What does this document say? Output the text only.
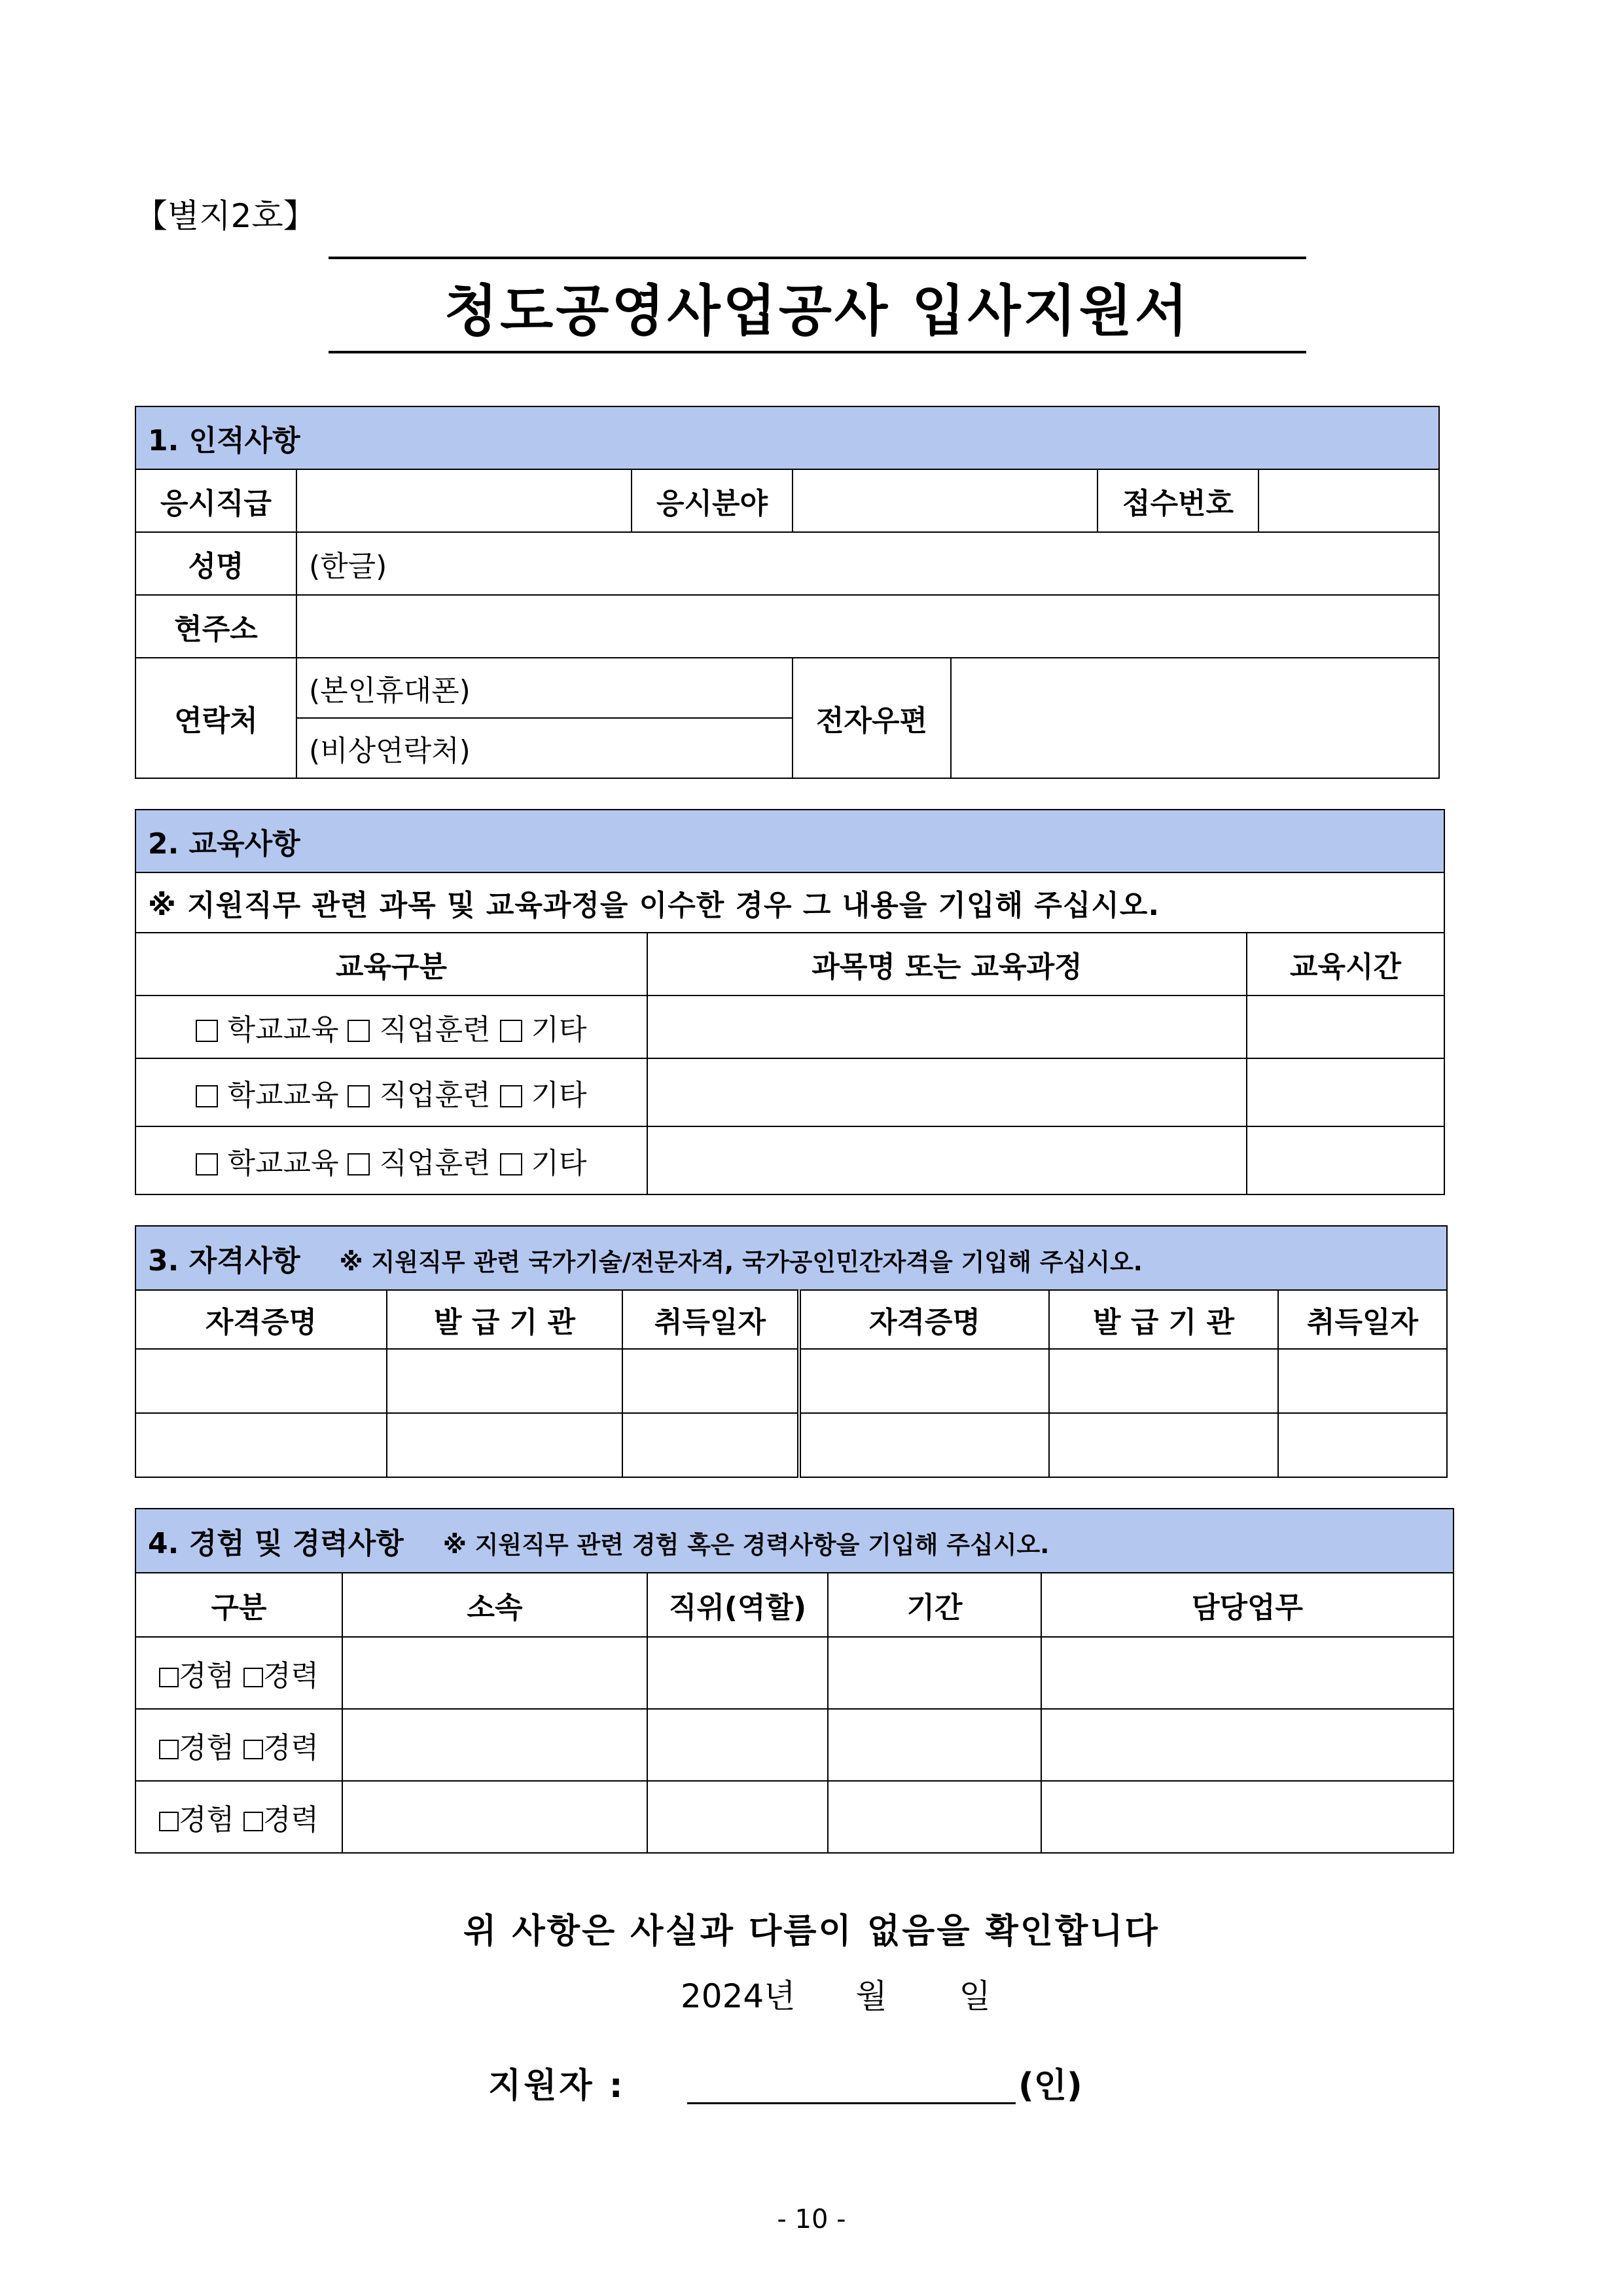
【별지2호】
청도공영사업공사 입사지원서
1. 인적사항						
응시직급		응시분야			접수번호	
성명	(한글)					
현주소						
연락처	(본인휴대폰)		전자우편			
	(비상연락처)					
2. 교육사항		
※ 지원직무 관련 과목 및 교육과정을 이수한 경우 그 내용을 기입해 주십시오.		
교육구분	과목명 또는 교육과정	교육시간
학교교육 직업훈련 기타		
학교교육 직업훈련 기타		
학교교육 직업훈련 기타		
3. 자격사항 ※ 지원직무 관련 국가기술/전문자격, 국가공인민간자격을 기입해 주십시오.					
자격증명	발 급 기 관	취득일자	자격증명	발 급 기 관	취득일자

4. 경험 및 경력사항 ※ 지원직무 관련 경험 혹은 경력사항을 기입해 주십시오.				
구분	소속	직위(역할)	기간	담당업무
경험 경력				
경험 경력				
경험 경력				
위 사항은 사실과 다름이 없음을 확인합니다
2024년 월 일
지원자 :	(인)
- 10 -
